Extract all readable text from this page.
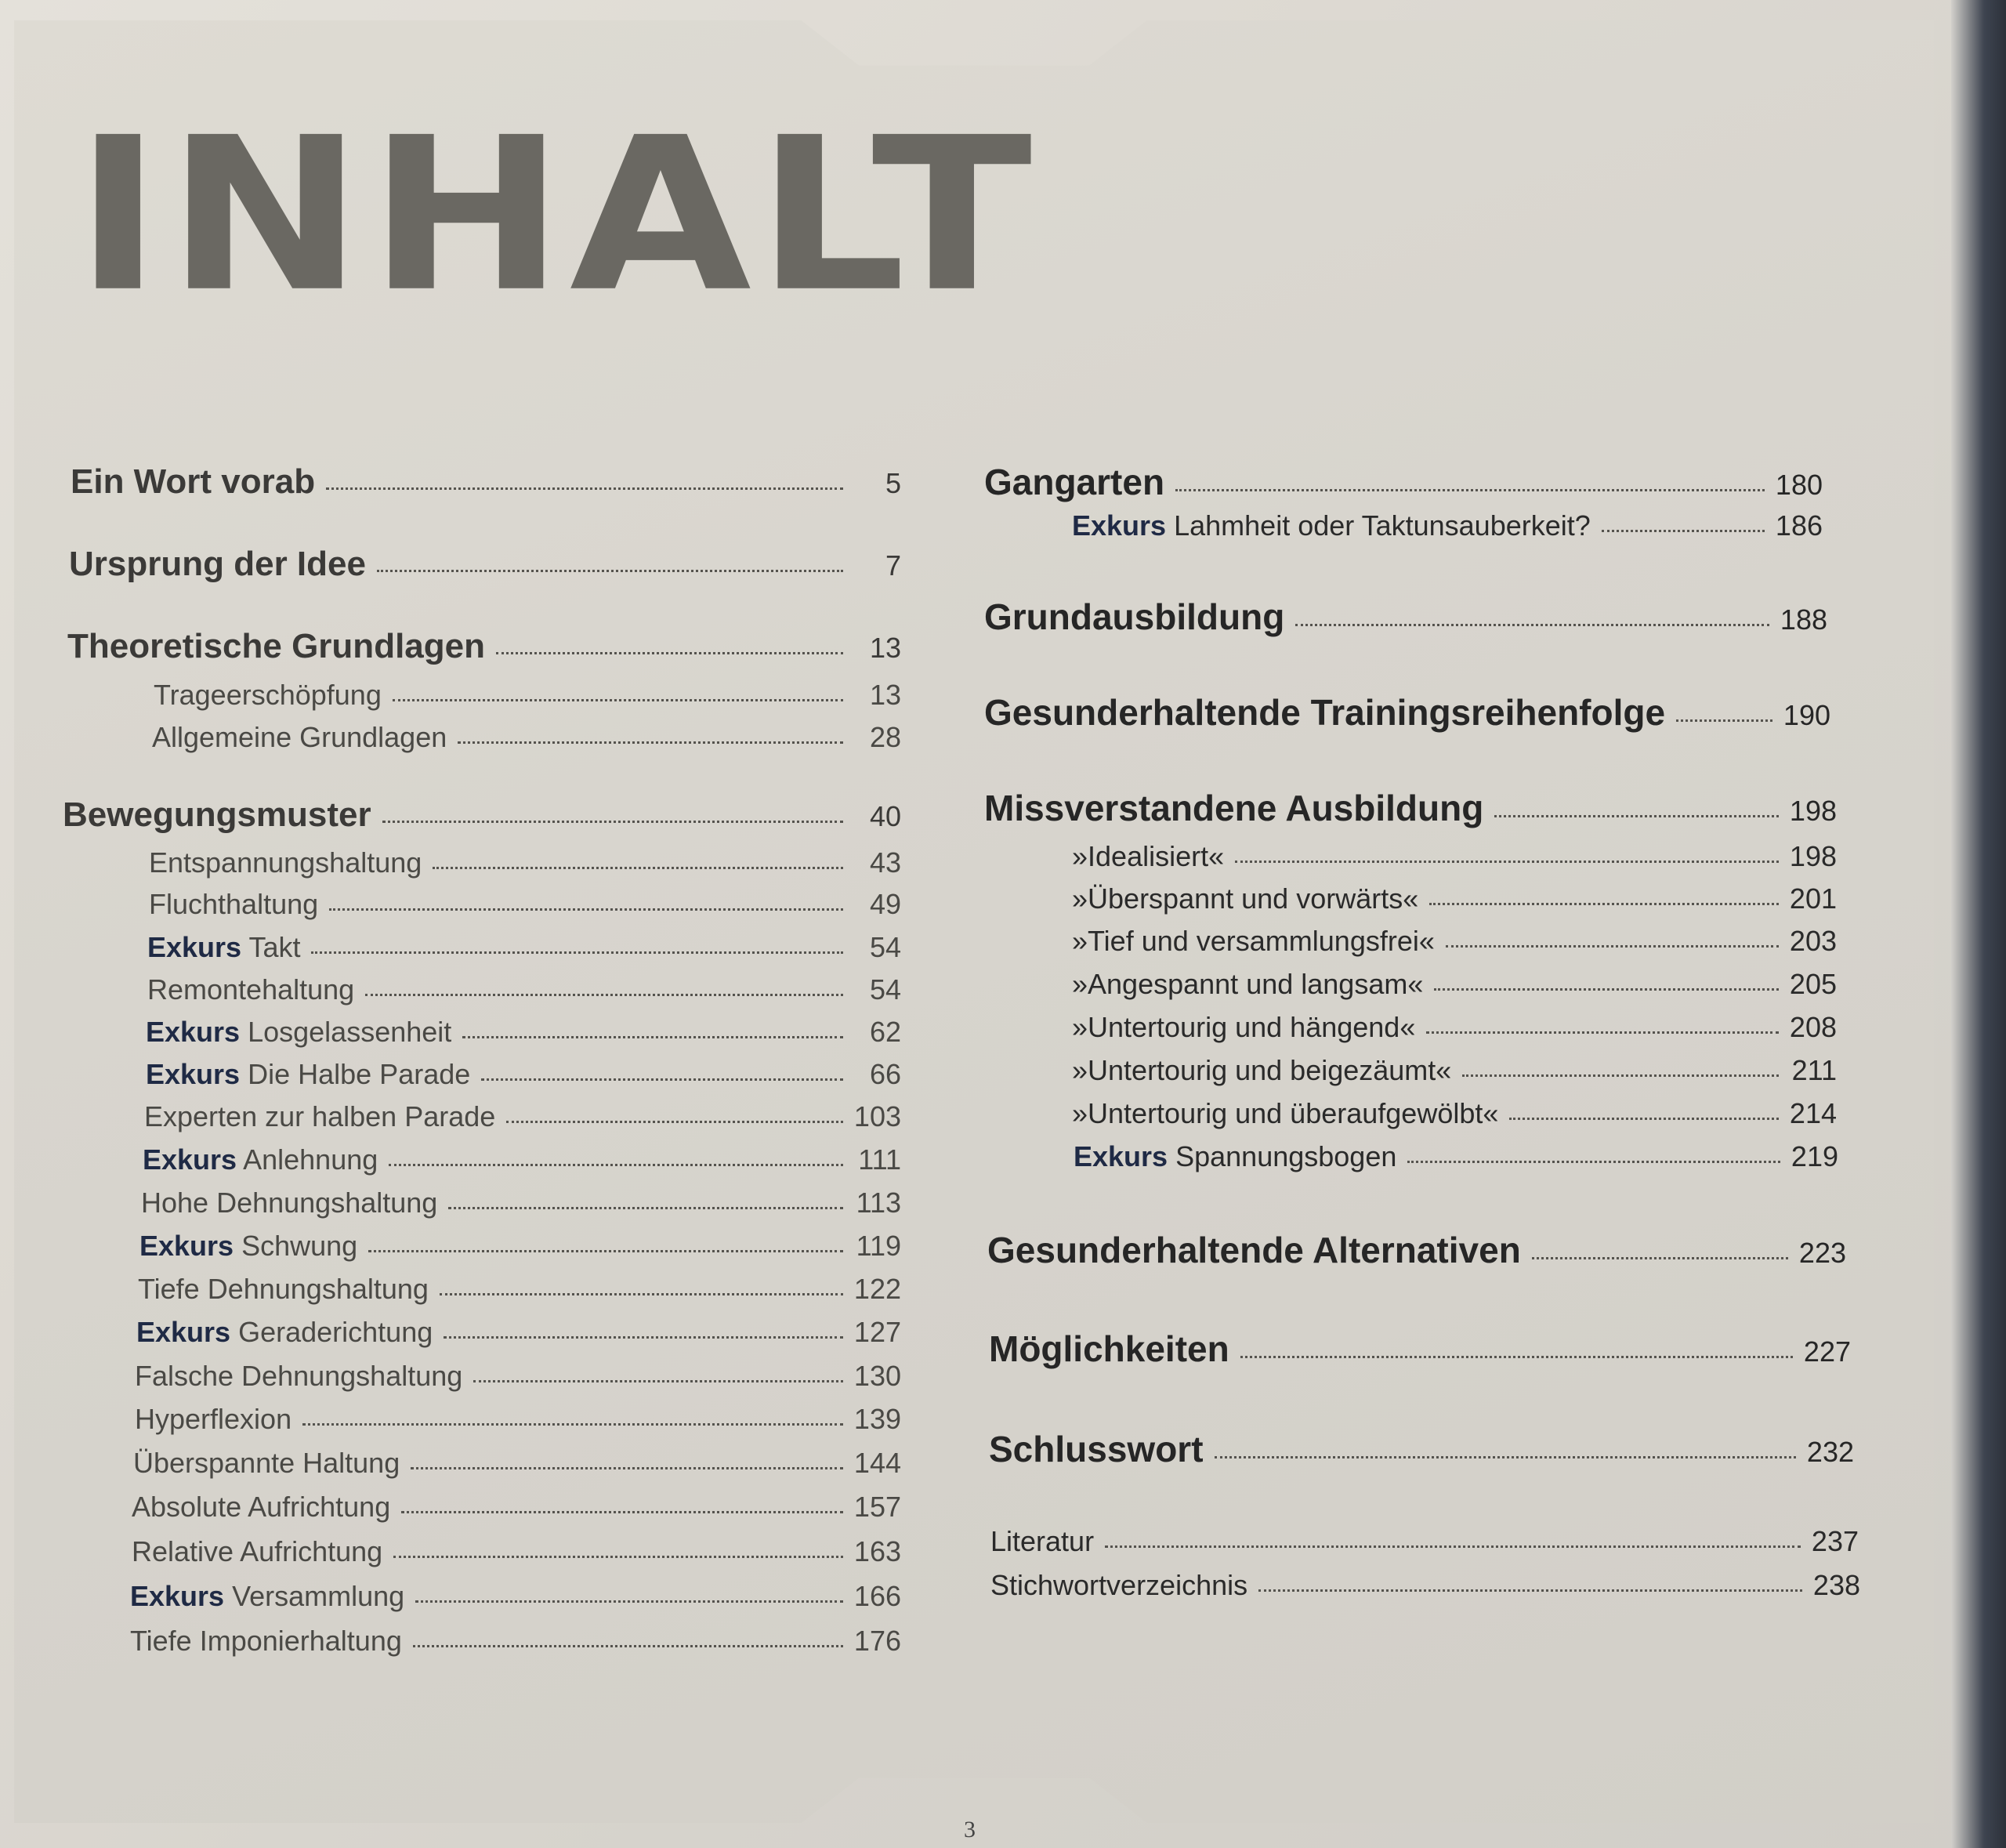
INHALT
Ein Wort vorab	5
Ursprung der Idee	7
Theoretische Grundlagen	13
Trageerschöpfung	13
Allgemeine Grundlagen	28
Bewegungsmuster	40
Entspannungshaltung	43
Fluchthaltung	49
Exkurs Takt	54
Remontehaltung	54
Exkurs Losgelassenheit	62
Exkurs Die Halbe Parade	66
Experten zur halben Parade	103
Exkurs Anlehnung	111
Hohe Dehnungshaltung	113
Exkurs Schwung	119
Tiefe Dehnungshaltung	122
Exkurs Geraderichtung	127
Falsche Dehnungshaltung	130
Hyperflexion	139
Überspannte Haltung	144
Absolute Aufrichtung	157
Relative Aufrichtung	163
Exkurs Versammlung	166
Tiefe Imponierhaltung	176
Gangarten	180
Exkurs Lahmheit oder Taktunsauberkeit?	186
Grundausbildung	188
Gesunderhaltende Trainingsreihenfolge	190
Missverstandene Ausbildung	198
»Idealisiert«	198
»Überspannt und vorwärts«	201
»Tief und versammlungsfrei«	203
»Angespannt und langsam«	205
»Untertourig und hängend«	208
»Untertourig und beigezäumt«	211
»Untertourig und überaufgewölbt«	214
Exkurs Spannungsbogen	219
Gesunderhaltende Alternativen	223
Möglichkeiten	227
Schlusswort	232
Literatur	237
Stichwortverzeichnis	238
3
